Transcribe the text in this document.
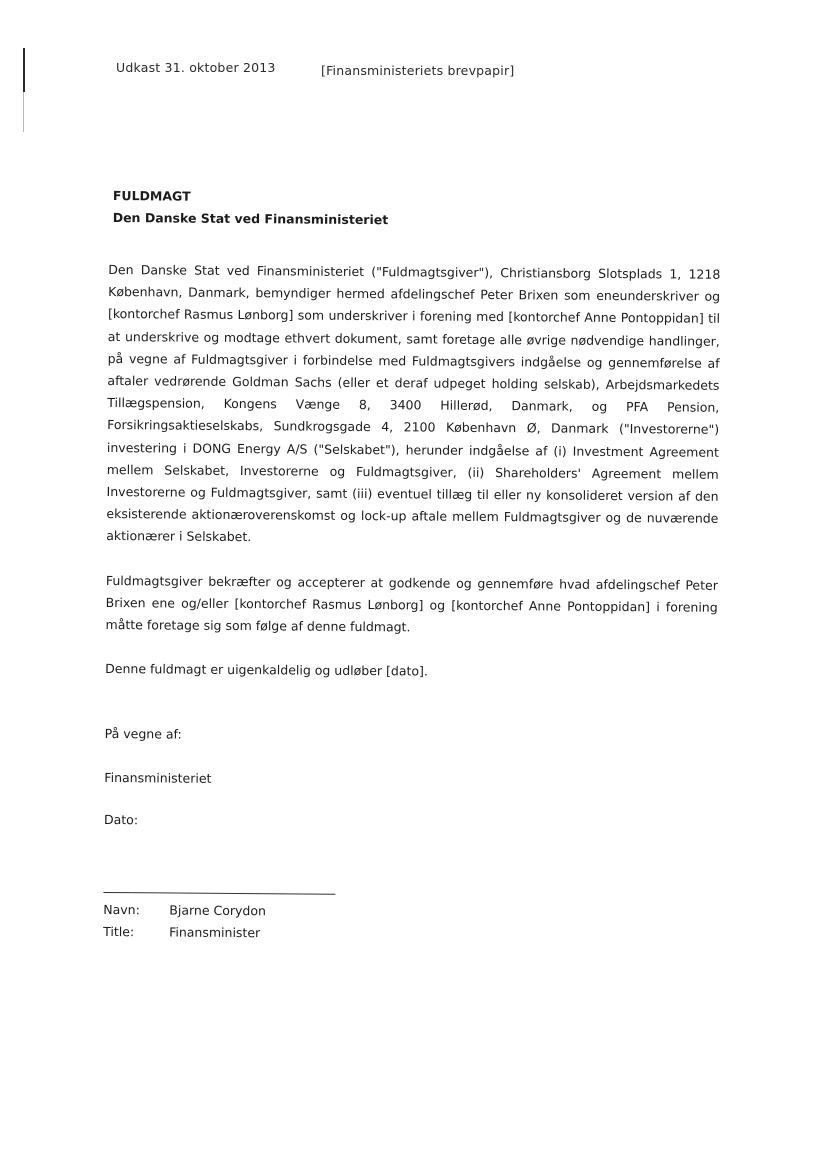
Udkast 31. oktober 2013	[Finansministeriets brevpapir]
FULDMAGT
Den Danske Stat ved Finansministeriet

Den Danske Stat ved Finansministeriet ("Fuldmagtsgiver"), Christiansborg Slotsplads 1, 1218 København, Danmark, bemyndiger hermed afdelingschef Peter Brixen som eneunderskriver og [kontorchef Rasmus Lønborg] som underskriver i forening med [kontorchef Anne Pontoppidan] til at underskrive og modtage ethvert dokument, samt foretage alle øvrige nødvendige handlinger, på vegne af Fuldmagtsgiver i forbindelse med Fuldmagtsgivers indgåelse og gennemførelse af aftaler vedrørende Goldman Sachs (eller et deraf udpeget holding selskab), Arbejdsmarkedets Tillægspension, Kongens Vænge 8, 3400 Hillerød, Danmark, og PFA Pension, Forsikringsaktieselskabs, Sundkrogsgade 4, 2100 København Ø, Danmark ("Investorerne") investering i DONG Energy A/S ("Selskabet"), herunder indgåelse af (i) Investment Agreement mellem Selskabet, Investorerne og Fuldmagtsgiver, (ii) Shareholders' Agreement mellem Investorerne og Fuldmagtsgiver, samt (iii) eventuel tillæg til eller ny konsolideret version af den eksisterende aktionæroverenskomst og lock-up aftale mellem Fuldmagtsgiver og de nuværende aktionærer i Selskabet.

Fuldmagtsgiver bekræfter og accepterer at godkende og gennemføre hvad afdelingschef Peter Brixen ene og/eller [kontorchef Rasmus Lønborg] og [kontorchef Anne Pontoppidan] i forening måtte foretage sig som følge af denne fuldmagt.

Denne fuldmagt er uigenkaldelig og udløber [dato].

På vegne af:
Finansministeriet
Dato:
Navn:	Bjarne Corydon
Title:	Finansminister
